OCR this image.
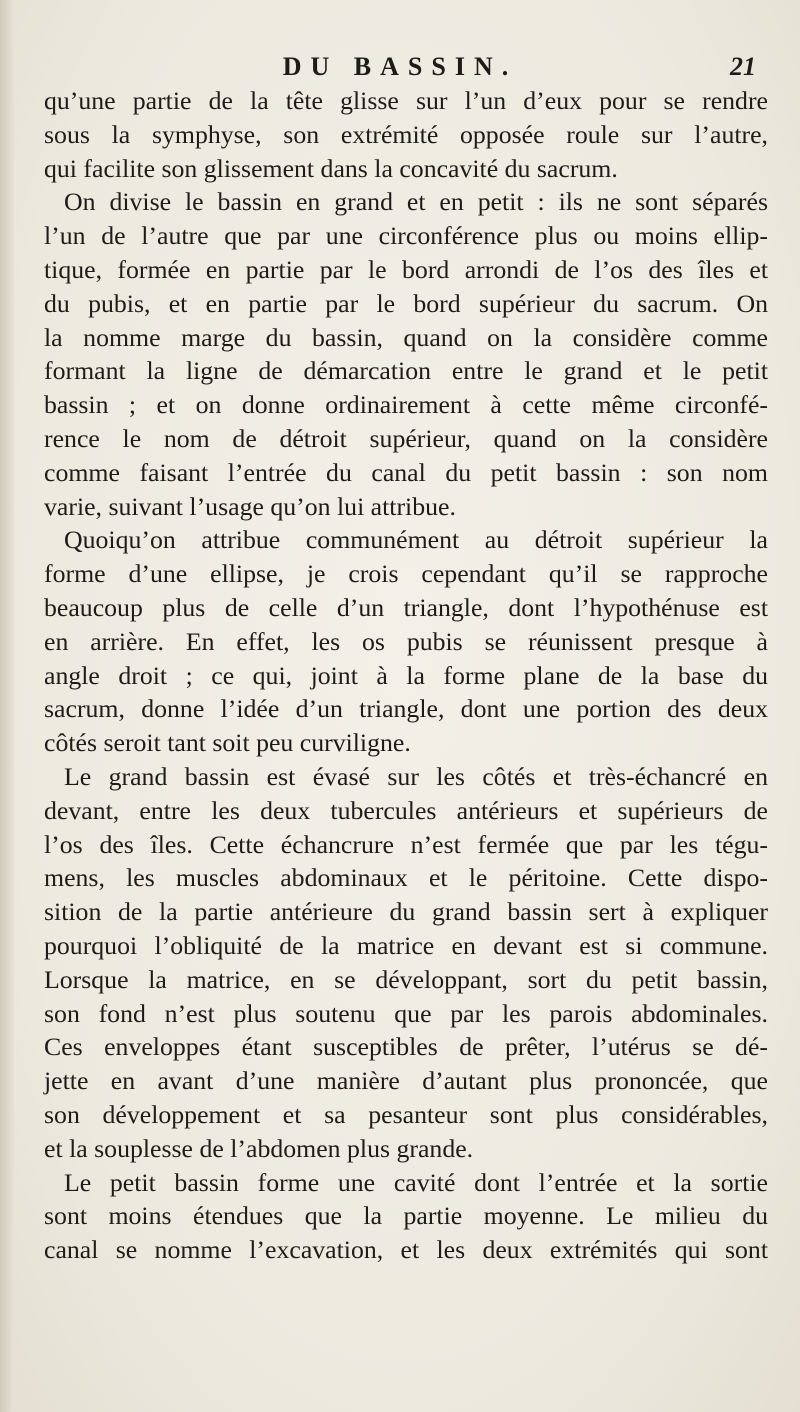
DU BASSIN.	21
qu’une partie de la tête glisse sur l’un d’eux pour se rendre
sous la symphyse, son extrémité opposée roule sur l’autre,
qui facilite son glissement dans la concavité du sacrum.
On divise le bassin en grand et en petit : ils ne sont séparés
l’un de l’autre que par une circonférence plus ou moins ellip-
tique, formée en partie par le bord arrondi de l’os des îles et
du pubis, et en partie par le bord supérieur du sacrum. On
la nomme marge du bassin, quand on la considère comme
formant la ligne de démarcation entre le grand et le petit
bassin ; et on donne ordinairement à cette même circonfé-
rence le nom de détroit supérieur, quand on la considère
comme faisant l’entrée du canal du petit bassin : son nom
varie, suivant l’usage qu’on lui attribue.
Quoiqu’on attribue communément au détroit supérieur la
forme d’une ellipse, je crois cependant qu’il se rapproche
beaucoup plus de celle d’un triangle, dont l’hypothénuse est
en arrière. En effet, les os pubis se réunissent presque à
angle droit ; ce qui, joint à la forme plane de la base du
sacrum, donne l’idée d’un triangle, dont une portion des deux
côtés seroit tant soit peu curviligne.
Le grand bassin est évasé sur les côtés et très-échancré en
devant, entre les deux tubercules antérieurs et supérieurs de
l’os des îles. Cette échancrure n’est fermée que par les tégu-
mens, les muscles abdominaux et le péritoine. Cette dispo-
sition de la partie antérieure du grand bassin sert à expliquer
pourquoi l’obliquité de la matrice en devant est si commune.
Lorsque la matrice, en se développant, sort du petit bassin,
son fond n’est plus soutenu que par les parois abdominales.
Ces enveloppes étant susceptibles de prêter, l’utérus se dé-
jette en avant d’une manière d’autant plus prononcée, que
son développement et sa pesanteur sont plus considérables,
et la souplesse de l’abdomen plus grande.
Le petit bassin forme une cavité dont l’entrée et la sortie
sont moins étendues que la partie moyenne. Le milieu du
canal se nomme l’excavation, et les deux extrémités qui sont
